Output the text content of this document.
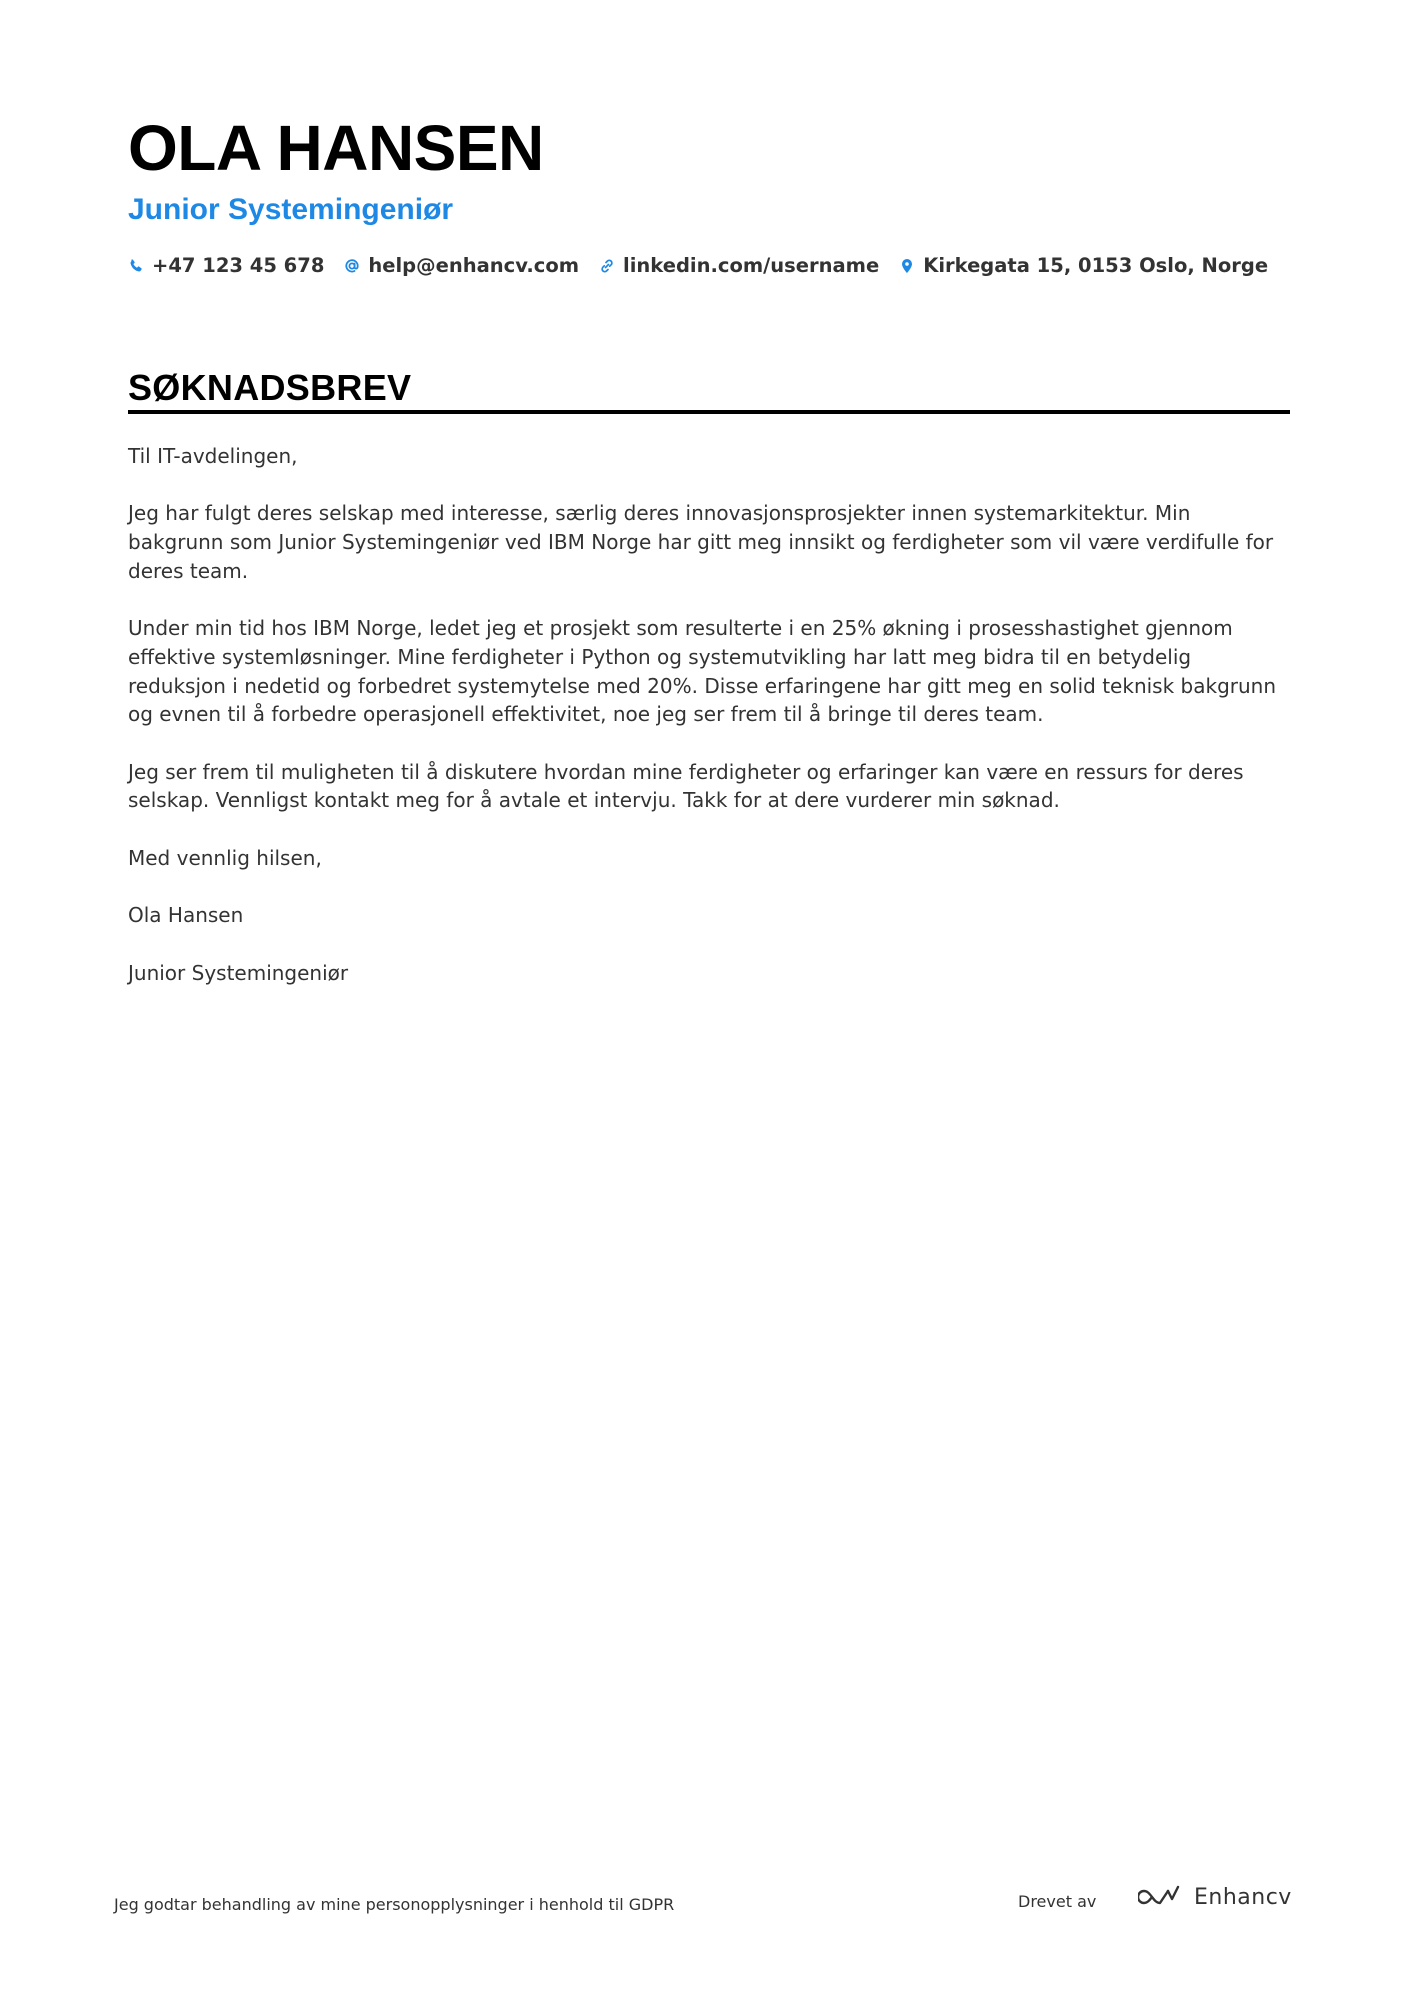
OLA HANSEN
Junior Systemingeniør
+47 123 45 678 help@enhancv.com linkedin.com/username Kirkegata 15, 0153 Oslo, Norge
SØKNADSBREV

Til IT-avdelingen,

Jeg har fulgt deres selskap med interesse, særlig deres innovasjonsprosjekter innen systemarkitektur. Min bakgrunn som Junior Systemingeniør ved IBM Norge har gitt meg innsikt og ferdigheter som vil være verdifulle for deres team.

Under min tid hos IBM Norge, ledet jeg et prosjekt som resulterte i en 25% økning i prosesshastighet gjennom effektive systemløsninger. Mine ferdigheter i Python og systemutvikling har latt meg bidra til en betydelig reduksjon i nedetid og forbedret systemytelse med 20%. Disse erfaringene har gitt meg en solid teknisk bakgrunn og evnen til å forbedre operasjonell effektivitet, noe jeg ser frem til å bringe til deres team.

Jeg ser frem til muligheten til å diskutere hvordan mine ferdigheter og erfaringer kan være en ressurs for deres selskap. Vennligst kontakt meg for å avtale et intervju. Takk for at dere vurderer min søknad.

Med vennlig hilsen,

Ola Hansen

Junior Systemingeniør

Jeg godtar behandling av mine personopplysninger i henhold til GDPR	Drevet av	Enhancv
